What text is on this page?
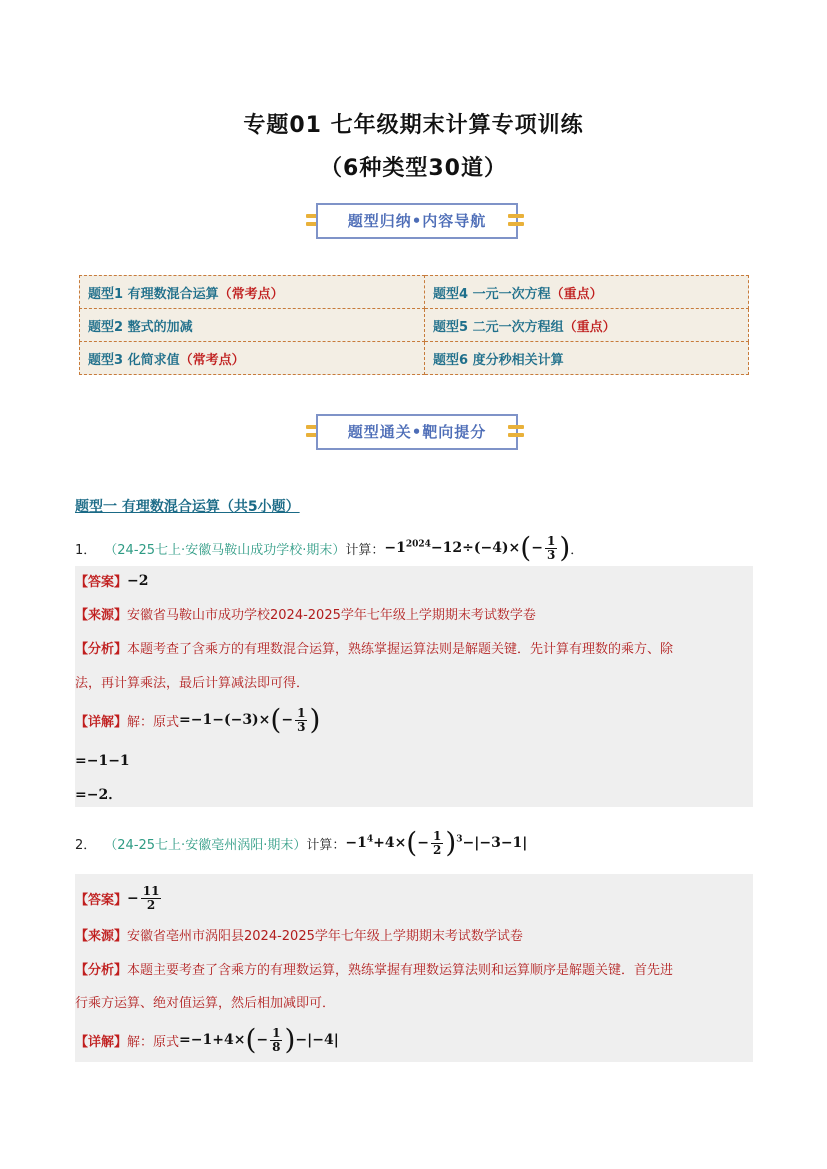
专题01 七年级期末计算专项训练
（6种类型30道）
题型归纳•内容导航
题型1 有理数混合运算（常考点）	题型4 一元一次方程（重点）
题型2 整式的加减	题型5 二元一次方程组（重点）
题型3 化简求值（常考点）	题型6 度分秒相关计算
题型通关•靶向提分
题型一 有理数混合运算（共5小题）
1． （24-25七上·安徽马鞍山成功学校·期末） 计算： $-1^{2024}-12\div(-4)\times(- \frac{1}{3}$ ) ．
【答案】 −2
【来源】 安徽省马鞍山市成功学校2024-2025学年七年级上学期期末考试数学卷
【分析】 本题考查了含乘方的有理数混合运算，熟练掌握运算法则是解题关键．先计算有理数的乘方、除
法，再计算乘法，最后计算减法即可得．
【详解】 解：原式 $=-1-(-3)\times(- \frac{1}{3}$ )
=−1−1
=−2．
2． （24-25七上·安徽亳州涡阳·期末） 计算： $-1^4+4\times(- \frac{1}{2} )^3-|-3-1|$
【答案】 − $\frac{11}{2}$
【来源】 安徽省亳州市涡阳县2024-2025学年七年级上学期期末考试数学试卷
【分析】 本题主要考查了含乘方的有理数运算，熟练掌握有理数运算法则和运算顺序是解题关键．首先进
行乘方运算、绝对值运算，然后相加减即可．
【详解】 解：原式 $=-1+4\times(- \frac{1}{8} )-|-4|$
